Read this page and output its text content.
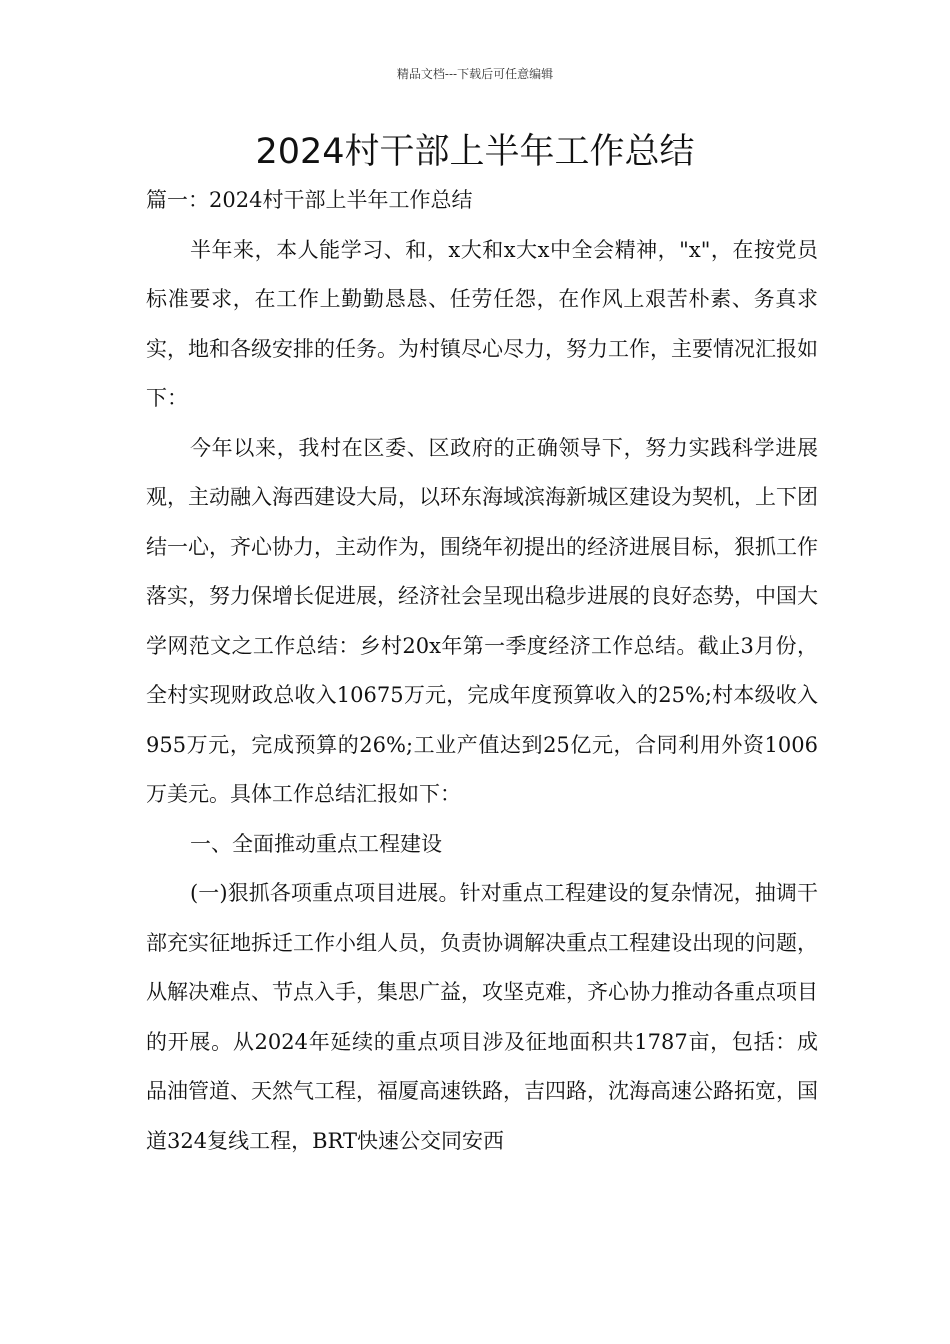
精品文档---下载后可任意编辑
2024村干部上半年工作总结

篇一：2024村干部上半年工作总结

半年来，本人能学习、和，x大和x大x中全会精神，"x"，在按党员标准要求，在工作上勤勤恳恳、任劳任怨，在作风上艰苦朴素、务真求实，地和各级安排的任务。为村镇尽心尽力，努力工作，主要情况汇报如下：

今年以来，我村在区委、区政府的正确领导下，努力实践科学进展观，主动融入海西建设大局，以环东海域滨海新城区建设为契机，上下团结一心，齐心协力，主动作为，围绕年初提出的经济进展目标，狠抓工作落实，努力保增长促进展，经济社会呈现出稳步进展的良好态势，中国大学网范文之工作总结：乡村20x年第一季度经济工作总结。截止3月份，全村实现财政总收入10675万元，完成年度预算收入的25%;村本级收入955万元，完成预算的26%;工业产值达到25亿元，合同利用外资1006万美元。具体工作总结汇报如下：

一、全面推动重点工程建设

(一)狠抓各项重点项目进展。针对重点工程建设的复杂情况，抽调干部充实征地拆迁工作小组人员，负责协调解决重点工程建设出现的问题，从解决难点、节点入手，集思广益，攻坚克难，齐心协力推动各重点项目的开展。从2024年延续的重点项目涉及征地面积共1787亩，包括：成品油管道、天然气工程，福厦高速铁路，吉四路，沈海高速公路拓宽，国道324复线工程，BRT快速公交同安西
